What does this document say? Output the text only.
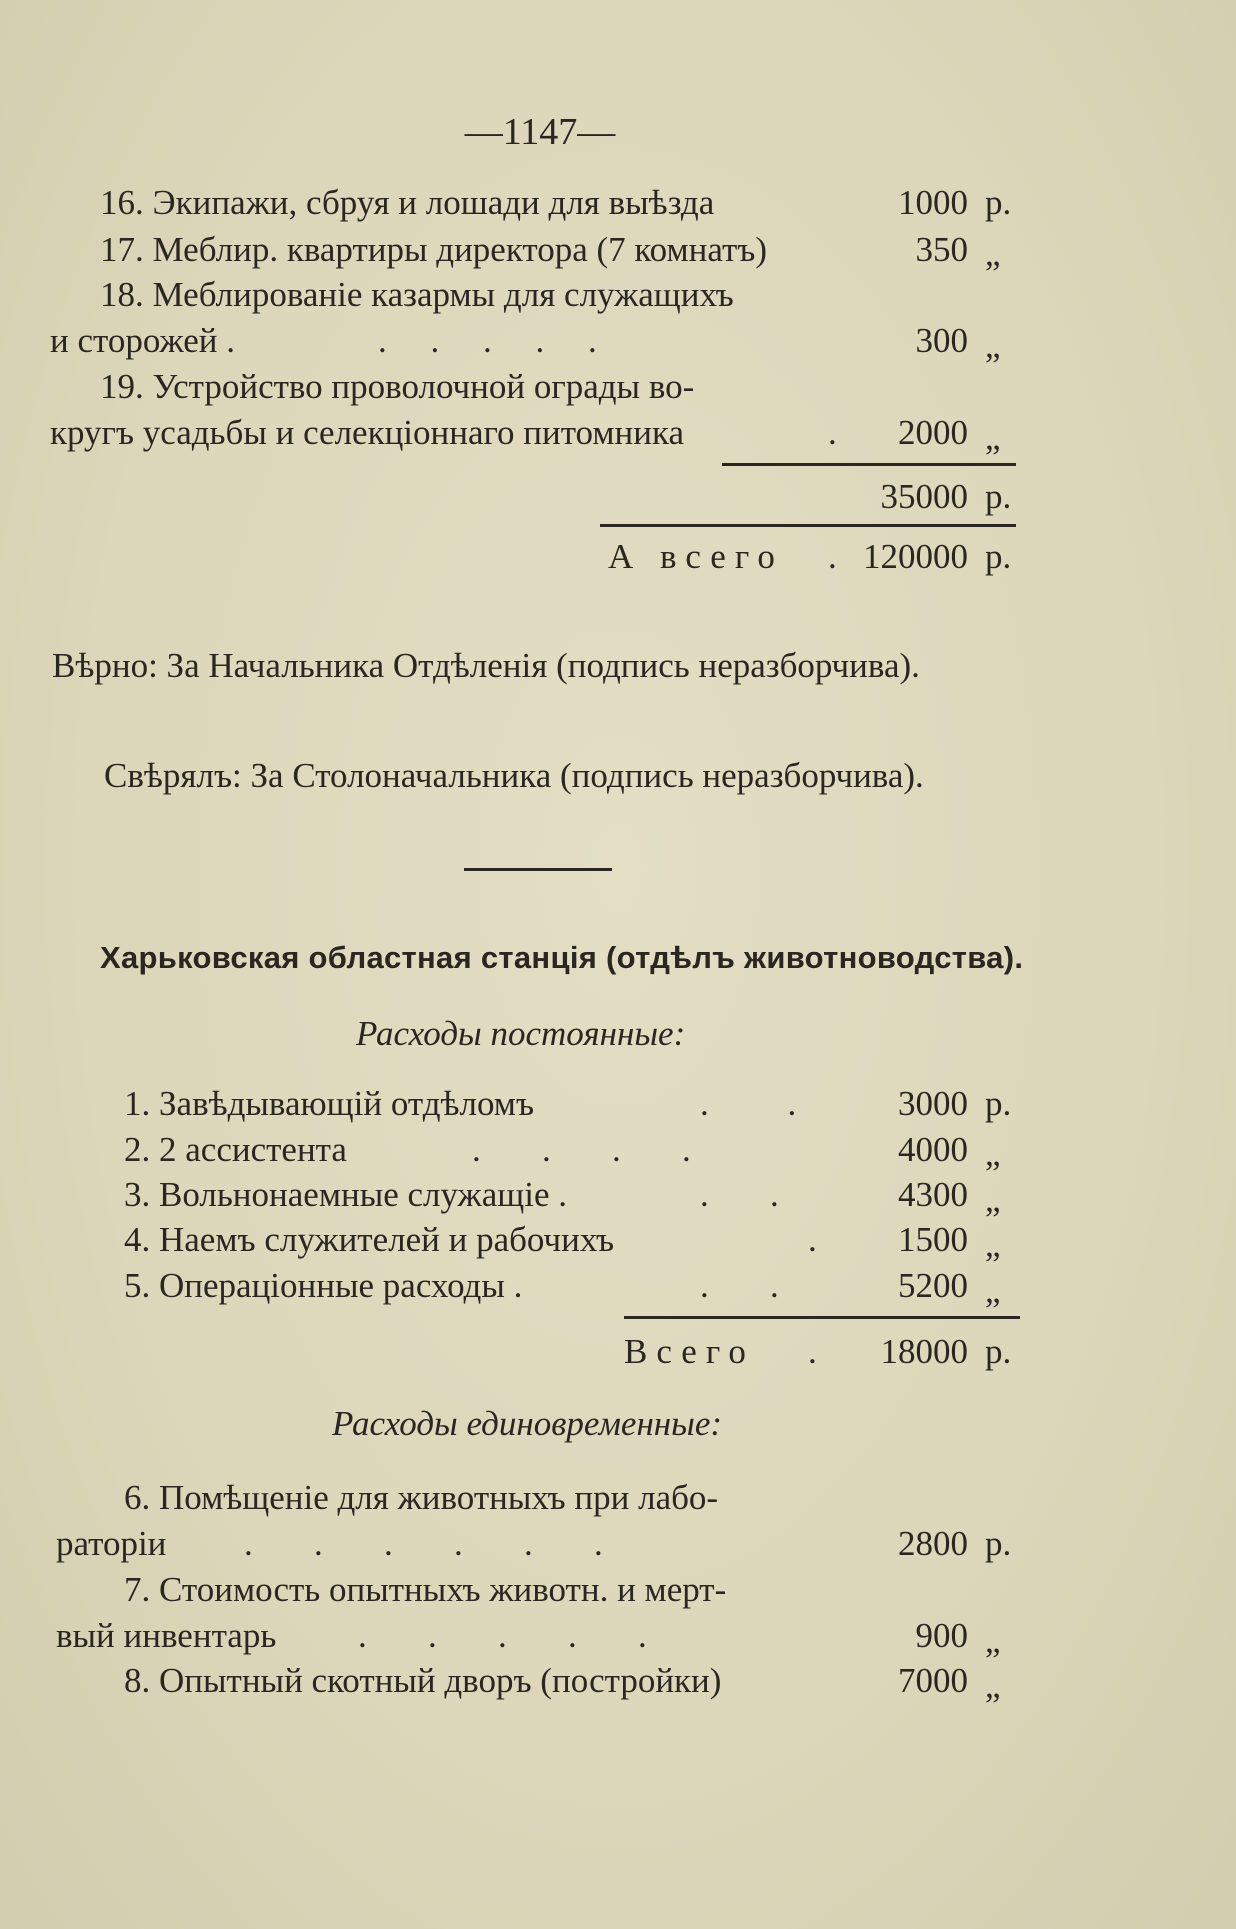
—1147—
16. Экипажи, сбруя и лошади для выѣзда	1000 р.
17. Меблир. квартиры директора (7 комнатъ)	350 „
18. Меблированіе казармы для служащихъ
и сторожей .	.     .     .     .     .	300 „
19. Устройство проволочной ограды во-
кругъ усадьбы и селекціоннаго питомника	.	2000 „
35000 р.
А всего . 120000 р.
Вѣрно: За Начальника Отдѣленія (подпись неразборчива).
Свѣрялъ: За Столоначальника (подпись неразборчива).
Харьковская областная станція (отдѣлъ животноводства).
Расходы постоянные:
1. Завѣдывающій отдѣломъ	.         .	3000 р.
2. 2 ассистента	.       .       .       .	4000 „
3. Вольнонаемные служащіе .	.       .	4300 „
4. Наемъ служителей и рабочихъ	.	1500 „
5. Операціонные расходы .	.       .	5200 „
Всего .	18000 р.
Расходы единовременные:
6. Помѣщеніе для животныхъ при лабо-
раторіи .       .       .       .       .       .	2800 р.
7. Стоимость опытныхъ животн. и мерт-
вый инвентарь .       .       .       .       .	900 „
8. Опытный скотный дворъ (постройки)	7000 „
